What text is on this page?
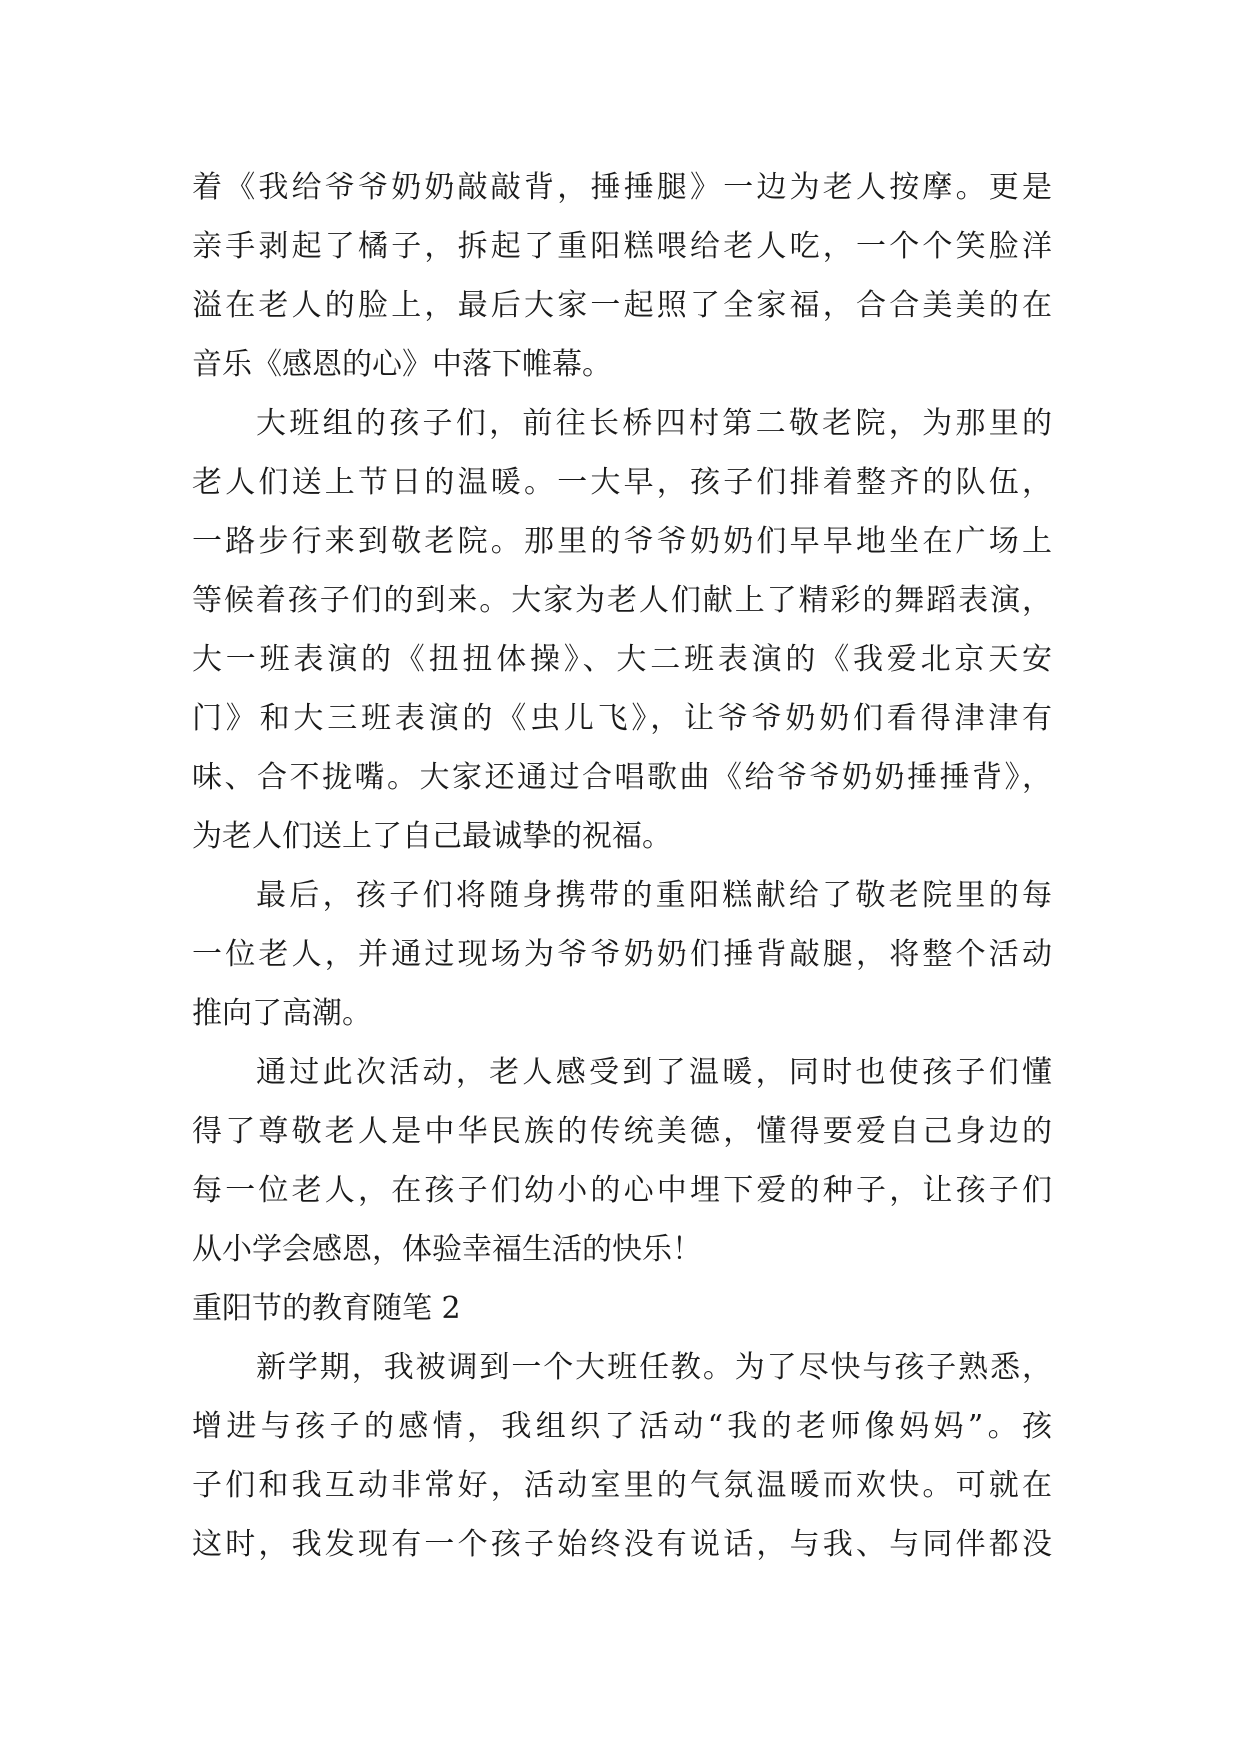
着《我给爷爷奶奶敲敲背，捶捶腿》一边为老人按摩。更是
亲手剥起了橘子，拆起了重阳糕喂给老人吃，一个个笑脸洋
溢在老人的脸上，最后大家一起照了全家福，合合美美的在
音乐《感恩的心》中落下帷幕。
大班组的孩子们，前往长桥四村第二敬老院，为那里的
老人们送上节日的温暖。一大早，孩子们排着整齐的队伍，
一路步行来到敬老院。那里的爷爷奶奶们早早地坐在广场上
等候着孩子们的到来。大家为老人们献上了精彩的舞蹈表演，
大一班表演的《扭扭体操》、大二班表演的《我爱北京天安
门》和大三班表演的《虫儿飞》，让爷爷奶奶们看得津津有
味、合不拢嘴。大家还通过合唱歌曲《给爷爷奶奶捶捶背》，
为老人们送上了自己最诚挚的祝福。
最后，孩子们将随身携带的重阳糕献给了敬老院里的每
一位老人，并通过现场为爷爷奶奶们捶背敲腿，将整个活动
推向了高潮。
通过此次活动，老人感受到了温暖，同时也使孩子们懂
得了尊敬老人是中华民族的传统美德，懂得要爱自己身边的
每一位老人，在孩子们幼小的心中埋下爱的种子，让孩子们
从小学会感恩，体验幸福生活的快乐！
重阳节的教育随笔 2
新学期，我被调到一个大班任教。为了尽快与孩子熟悉，
增进与孩子的感情，我组织了活动“我的老师像妈妈”。孩
子们和我互动非常好，活动室里的气氛温暖而欢快。可就在
这时，我发现有一个孩子始终没有说话，与我、与同伴都没
